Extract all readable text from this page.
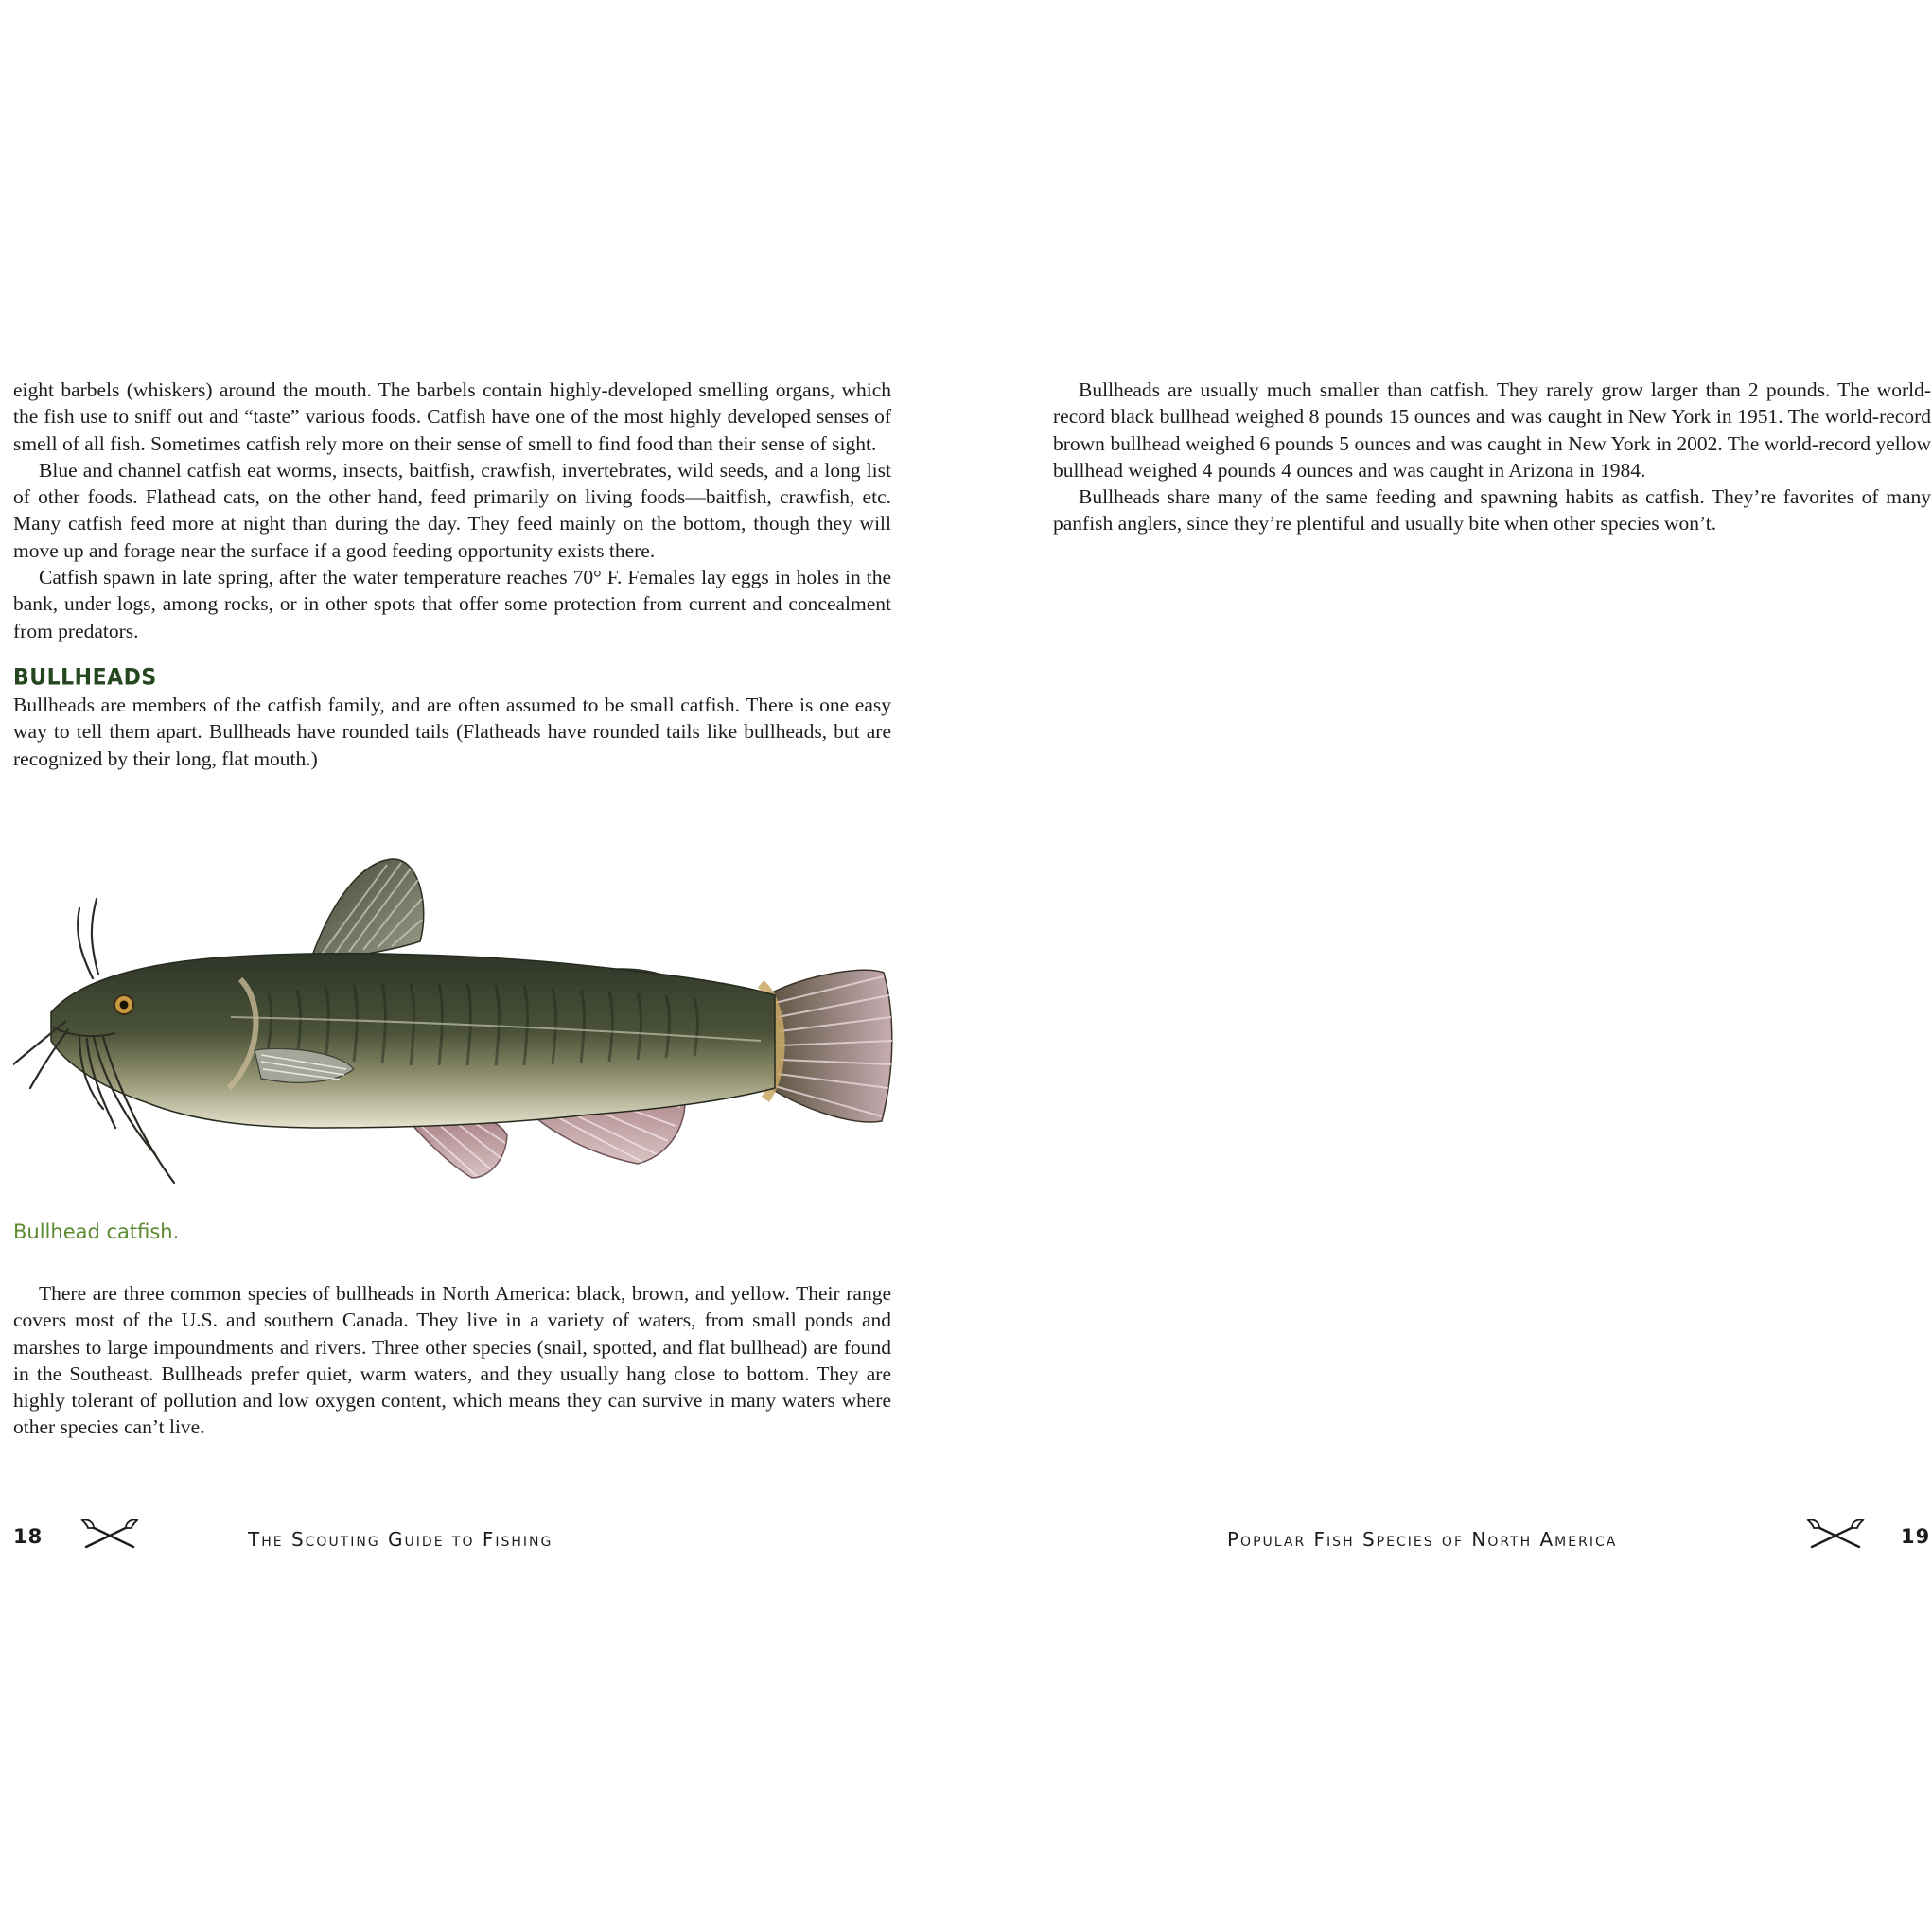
eight barbels (whiskers) around the mouth. The barbels contain highly-developed smelling organs, which the fish use to sniff out and “taste” various foods. Catfish have one of the most highly developed senses of smell of all fish. Sometimes catfish rely more on their sense of smell to find food than their sense of sight.

Blue and channel catfish eat worms, insects, baitfish, crawfish, invertebrates, wild seeds, and a long list of other foods. Flathead cats, on the other hand, feed primarily on living foods—baitfish, crawfish, etc. Many catfish feed more at night than during the day. They feed mainly on the bottom, though they will move up and forage near the surface if a good feeding opportunity exists there.

Catfish spawn in late spring, after the water temperature reaches 70° F. Females lay eggs in holes in the bank, under logs, among rocks, or in other spots that offer some protection from current and concealment from predators.

BULLHEADS

Bullheads are members of the catfish family, and are often assumed to be small catfish. There is one easy way to tell them apart. Bullheads have rounded tails (Flatheads have rounded tails like bullheads, but are recognized by their long, flat mouth.)

Bullhead catfish.

There are three common species of bullheads in North America: black, brown, and yellow. Their range covers most of the U.S. and southern Canada. They live in a variety of waters, from small ponds and marshes to large impoundments and rivers. Three other species (snail, spotted, and flat bullhead) are found in the Southeast. Bullheads prefer quiet, warm waters, and they usually hang close to bottom. They are highly tolerant of pollution and low oxygen content, which means they can survive in many waters where other species can’t live.

18	The Scouting Guide to Fishing	19
Popular Fish Species of North America

Bullheads are usually much smaller than catfish. They rarely grow larger than 2 pounds. The world-record black bullhead weighed 8 pounds 15 ounces and was caught in New York in 1951. The world-record brown bullhead weighed 6 pounds 5 ounces and was caught in New York in 2002. The world-record yellow bullhead weighed 4 pounds 4 ounces and was caught in Arizona in 1984.

Bullheads share many of the same feeding and spawning habits as catfish. They’re favorites of many panfish anglers, since they’re plentiful and usually bite when other species won’t.
